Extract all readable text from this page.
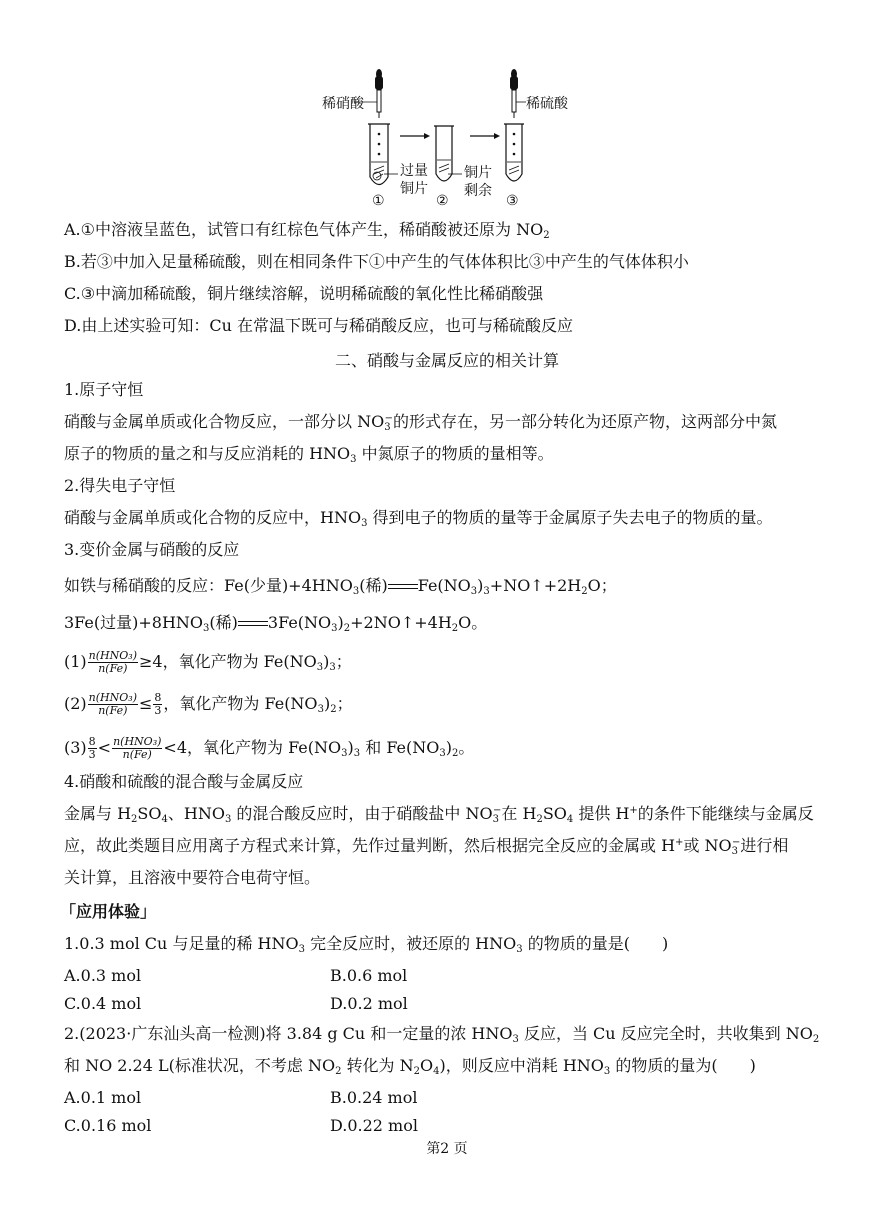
稀硝酸	稀硫酸
过量
铜片
铜片
剩余
①	②	③
A.①中溶液呈蓝色，试管口有红棕色气体产生，稀硝酸被还原为 $NO_2$
B.若③中加入足量稀硫酸，则在相同条件下①中产生的气体体积比③中产生的气体体积小
C.③中滴加稀硫酸，铜片继续溶解，说明稀硫酸的氧化性比稀硝酸强
D.由上述实验可知：Cu 在常温下既可与稀硝酸反应，也可与稀硫酸反应
二、硝酸与金属反应的相关计算
1.原子守恒
硝酸与金属单质或化合物反应，一部分以 $NO_3^-$的形式存在，另一部分转化为还原产物，这两部分中氮
原子的物质的量之和与反应消耗的 $HNO_3$ 中氮原子的物质的量相等。
2.得失电子守恒
硝酸与金属单质或化合物的反应中，$HNO_3$ 得到电子的物质的量等于金属原子失去电子的物质的量。
3.变价金属与硝酸的反应
如铁与稀硝酸的反应：Fe(少量)$+4HNO_3$(稀) $Fe(NO_3)_3+NO↑+2H_2O$；
3Fe(过量)$+8HNO_3$(稀) $3Fe(NO_3)_2+2NO↑+4H_2O$。
$(1) \frac{\text{n(HNO₃)}}{n(Fe)} \ge 4$，氧化产物为 $Fe(NO_3)_3$；
$(2) \frac{\text{n(HNO₃)}}{n(Fe)} \le \frac{8}{3}$ ，氧化产物为 $Fe(NO_3)_2$；
$(3) \frac{8}{3} < \frac{\text{n(HNO₃)}}{n(Fe)} <4$，氧化产物为 $Fe(NO_3)_3$ 和 $Fe(NO_3)_2$。
4.硝酸和硫酸的混合酸与金属反应
金属与 $H_2SO_4$、$HNO_3$ 的混合酸反应时，由于硝酸盐中 $NO_3^-$在 $H_2SO_4$ 提供 H+的条件下能继续与金属反
应，故此类题目应用离子方程式来计算，先作过量判断，然后根据完全反应的金属或 H+或 $NO_3^-$进行相
关计算，且溶液中要符合电荷守恒。
「应用体验」
1.0.3 mol Cu 与足量的稀 $HNO_3$ 完全反应时，被还原的 $HNO_3$ 的物质的量是(　　)
A.0.3 mol	B.0.6 mol
C.0.4 mol	D.0.2 mol
2.(2023·广东汕头高一检测)将 3.84 g Cu 和一定量的浓 $HNO_3$ 反应，当 Cu 反应完全时，共收集到 $NO_2$
和 NO 2.24 L(标准状况，不考虑 $NO_2$ 转化为 $N_2O_4$)，则反应中消耗 $HNO_3$ 的物质的量为(　　)
A.0.1 mol	B.0.24 mol
C.0.16 mol	D.0.22 mol
第2 页
